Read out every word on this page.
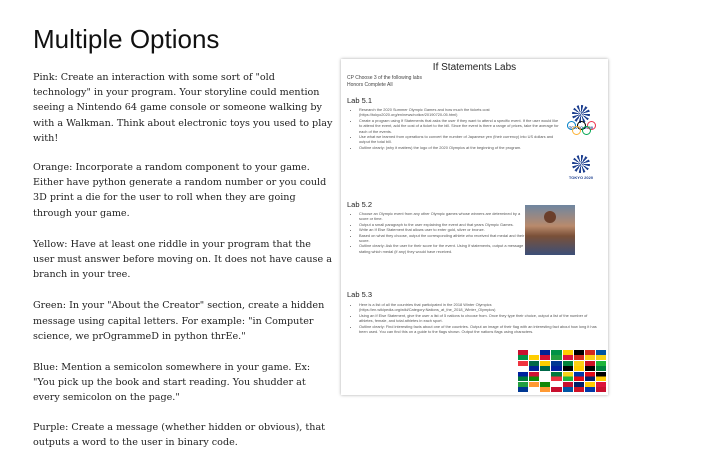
Multiple Options

Pink: Create an interaction with some sort of "old technology" in your program. Your storyline could mention seeing a Nintendo 64 game console or someone walking by with a Walkman. Think about electronic toys you used to play with!

Orange: Incorporate a random component to your game. Either have python generate a random number or you could 3D print a die for the user to roll when they are going through your game.

Yellow: Have at least one riddle in your program that the user must answer before moving on. It does not have cause a branch in your tree.

Green: In your "About the Creator" section, create a hidden message using capital letters. For example: "in Computer science, we prOgrammeD in python thrEe."

Blue: Mention a semicolon somewhere in your game. Ex: "You pick up the book and start reading. You shudder at every semicolon on the page."

Purple: Create a message (whether hidden or obvious), that outputs a word to the user in binary code.

If Statements Labs
CP Choose 3 of the following labs
Honors Complete All
Lab 5.1
• Research the 2020 Summer Olympic Games and how much the tickets cost (https://tokyo2020.org/en/news/notice/20190720-05.html)
• Create a program using If Statements that asks the user if they want to attend a specific event. If the user would like to attend the event, add the cost of a ticket to the bill. Since the event is there a range of prices, take the average for each of the events.
• Use what we learned from operations to convert the number of Japanese yen (their currency) into US dollars and output the total bill.
• Outline clearly: (why it matters) the logo of the 2020 Olympics at the beginning of the program.
TOKYO 2020
TOKYO 2020
Lab 5.2
• Choose an Olympic event from any other Olympic games whose winners are determined by a score or time.
• Output a small paragraph to the user explaining the event and that years Olympic Games.
• Write an If Else Statement that allows user to enter gold, silver or bronze.
• Based on what they choose, output the corresponding athlete who received that medal and their score.
• Outline clearly: Ask the user for their score for the event. Using If statements, output a message stating which medal (if any) they would have received.
Lab 5.3
• Here is a list of all the countries that participated in the 2018 Winter Olympics (https://en.wikipedia.org/wiki/Category:Nations_at_the_2018_Winter_Olympics)
• Using an If Else Statement, give the user a list of 5 nations to choose from. Once they type their choice, output a list of the number of athletes, female, and total athletes in each sport.
• Outline clearly: Find interesting facts about one of the countries. Output an image of their flag with an interesting fact about how long it has been used. You can find this on a guide to the flags shown. Output the nations flags using characters.
